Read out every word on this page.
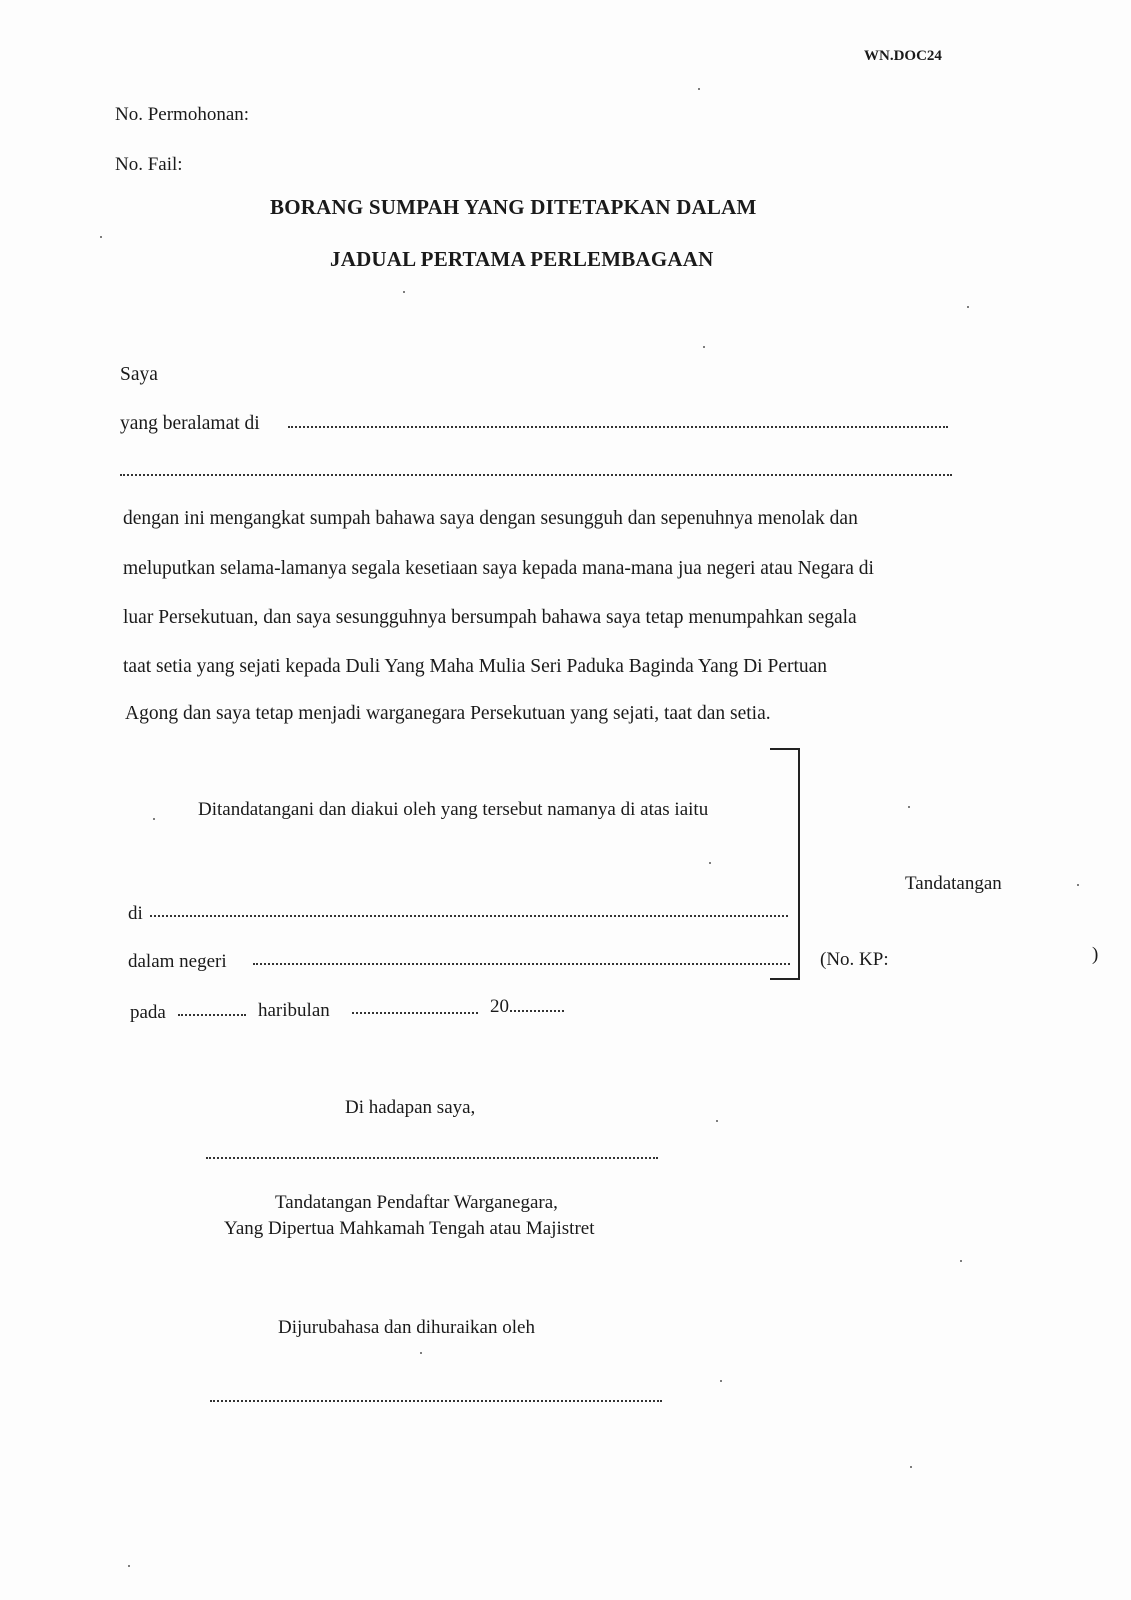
WN.DOC24
No. Permohonan:
No. Fail:
BORANG SUMPAH YANG DITETAPKAN DALAM
JADUAL PERTAMA PERLEMBAGAAN
Saya
yang beralamat di
dengan ini mengangkat sumpah bahawa saya dengan sesungguh dan sepenuhnya menolak dan
meluputkan selama-lamanya segala kesetiaan saya kepada mana-mana jua negeri atau Negara di
luar Persekutuan, dan saya sesungguhnya bersumpah bahawa saya tetap menumpahkan segala
taat setia yang sejati kepada Duli Yang Maha Mulia Seri Paduka Baginda Yang Di Pertuan
Agong dan saya tetap menjadi warganegara Persekutuan yang sejati, taat dan setia.
Ditandatangani dan diakui oleh yang tersebut namanya di atas iaitu
di
dalam negeri
pada	haribulan	20
Tandatangan
(No. KP:	)
Di hadapan saya,
Tandatangan Pendaftar Warganegara,
Yang Dipertua Mahkamah Tengah atau Majistret
Dijurubahasa dan dihuraikan oleh
